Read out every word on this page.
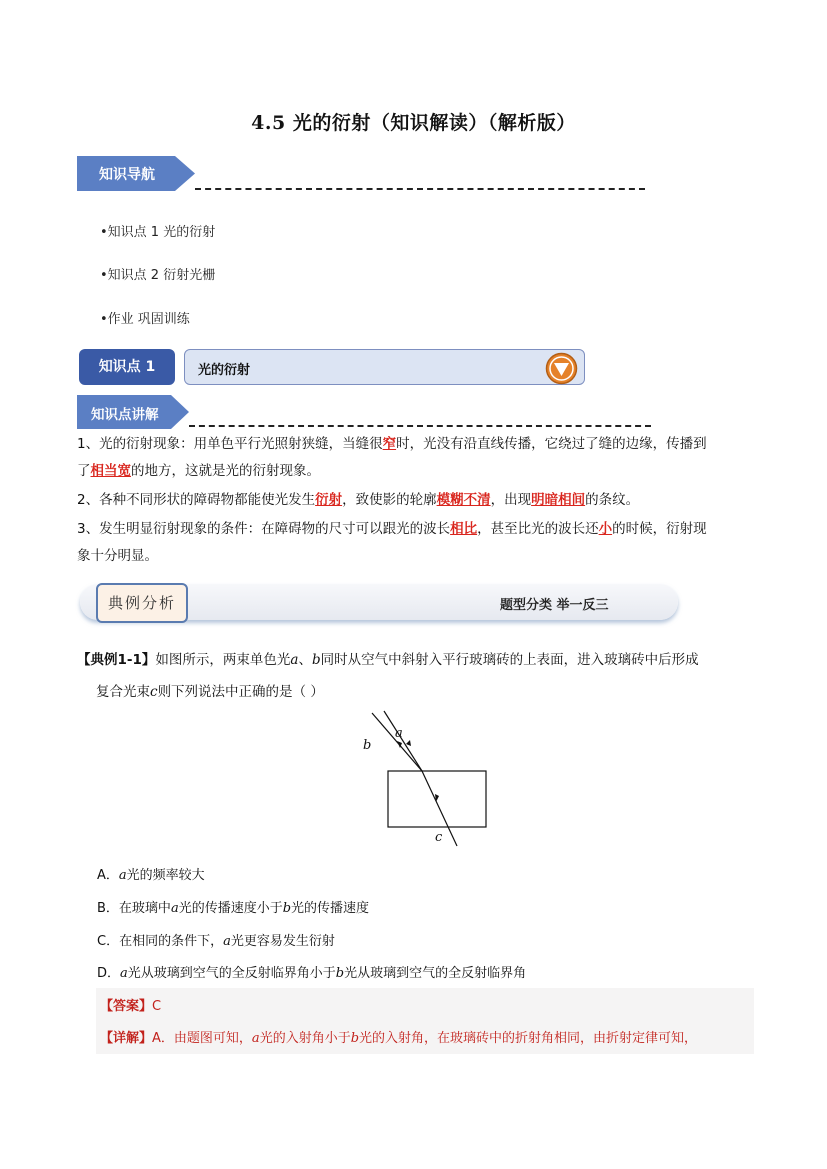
4.5 光的衍射（知识解读）（解析版）
知识导航
•知识点 1 光的衍射
•知识点 2 衍射光栅
•作业 巩固训练
知识点 1	光的衍射
知识点讲解
1、光的衍射现象：用单色平行光照射狭缝，当缝很窄时，光没有沿直线传播，它绕过了缝的边缘，传播到
了相当宽的地方，这就是光的衍射现象。
2、各种不同形状的障碍物都能使光发生衍射，致使影的轮廓模糊不清，出现明暗相间的条纹。
3、发生明显衍射现象的条件：在障碍物的尺寸可以跟光的波长相比，甚至比光的波长还小的时候，衍射现
象十分明显。
典例分析	题型分类 举一反三
【典例1-1】如图所示，两束单色光a、b同时从空气中斜射入平行玻璃砖的上表面，进入玻璃砖中后形成
复合光束c则下列说法中正确的是（ ）
a
b
c
A．a光的频率较大
B．在玻璃中a光的传播速度小于b光的传播速度
C．在相同的条件下，a光更容易发生衍射
D．a光从玻璃到空气的全反射临界角小于b光从玻璃到空气的全反射临界角
【答案】C
【详解】A．由题图可知，a光的入射角小于b光的入射角，在玻璃砖中的折射角相同，由折射定律可知，
